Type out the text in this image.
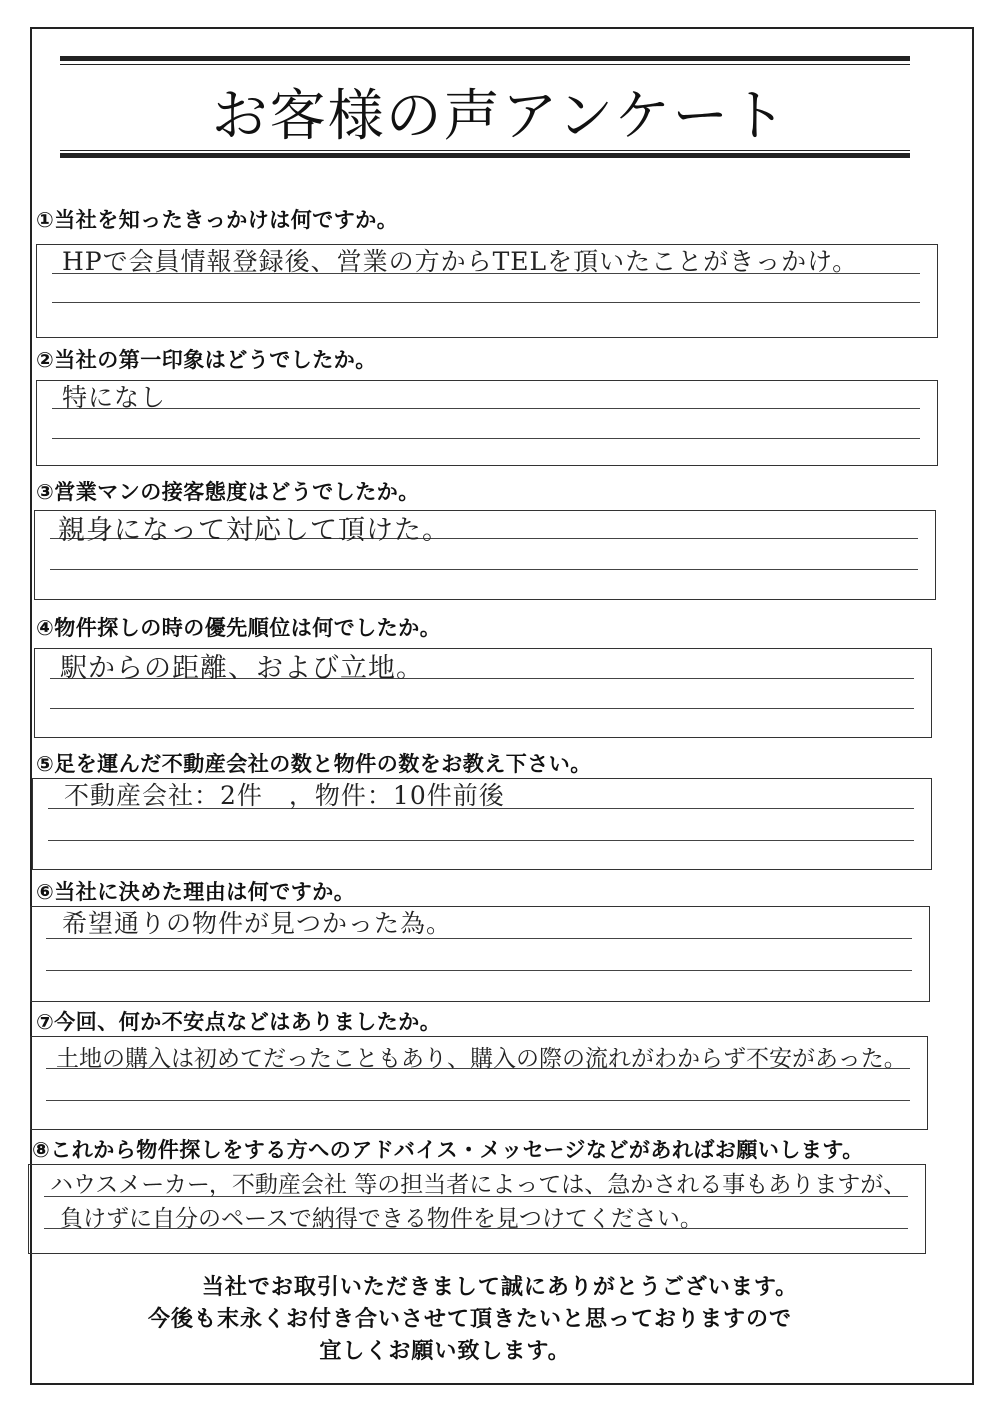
お客様の声アンケート
①当社を知ったきっかけは何ですか。
HPで会員情報登録後、営業の方からTELを頂いたことがきっかけ。
②当社の第一印象はどうでしたか。
特になし
③営業マンの接客態度はどうでしたか。
親身になって対応して頂けた。
④物件探しの時の優先順位は何でしたか。
駅からの距離、および立地。
⑤足を運んだ不動産会社の数と物件の数をお教え下さい。
不動産会社：2件　，物件：10件前後
⑥当社に決めた理由は何ですか。
希望通りの物件が見つかった為。
⑦今回、何か不安点などはありましたか。
土地の購入は初めてだったこともあり、購入の際の流れがわからず不安があった。
⑧これから物件探しをする方へのアドバイス・メッセージなどがあればお願いします。
ハウスメーカー，不動産会社 等の担当者によっては、急かされる事もありますが、
負けずに自分のペースで納得できる物件を見つけてください。
当社でお取引いただきまして誠にありがとうございます。
今後も末永くお付き合いさせて頂きたいと思っておりますので
宜しくお願い致します。
